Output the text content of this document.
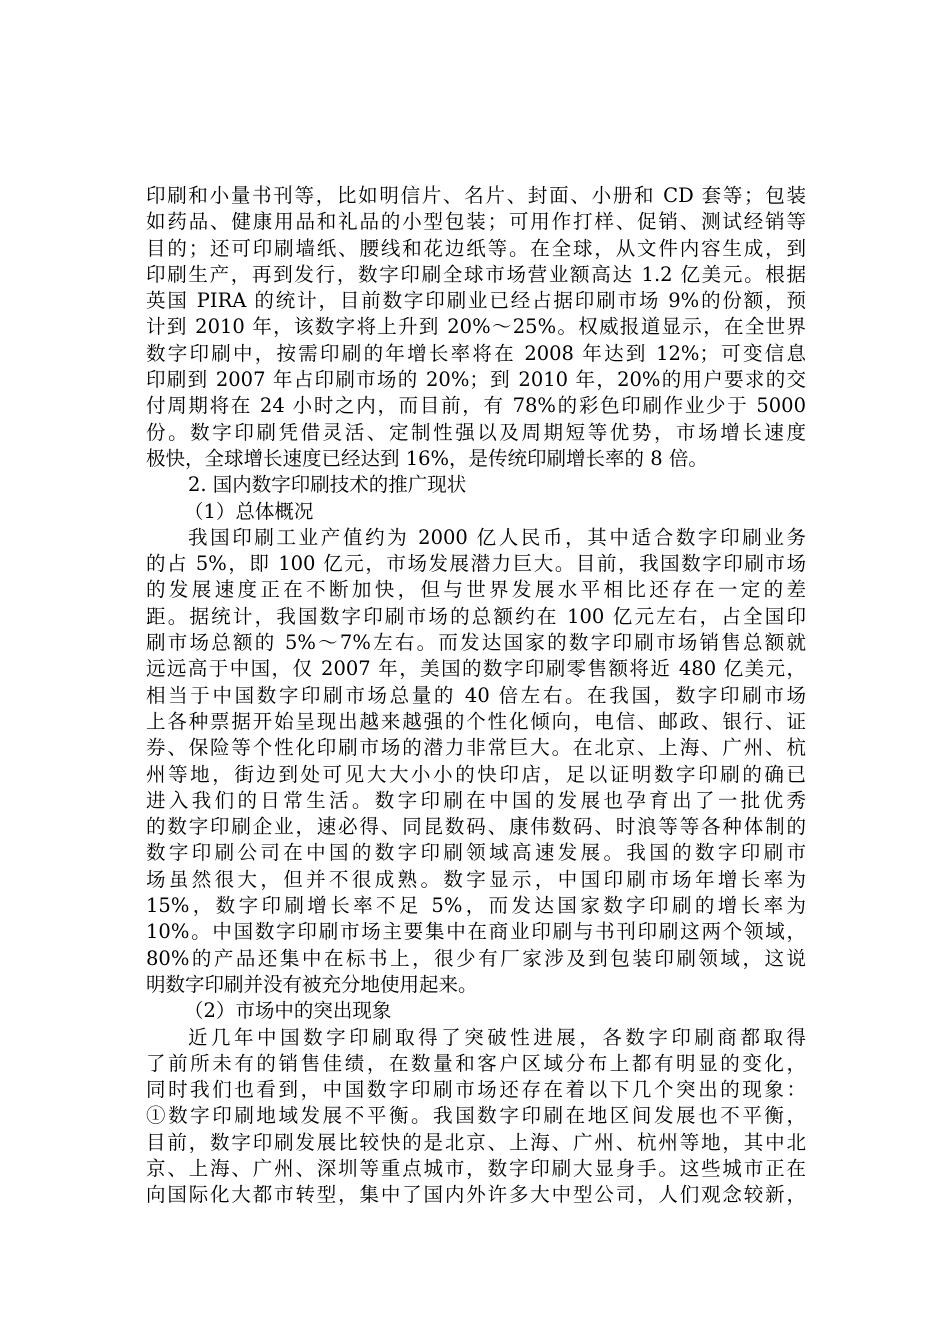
印刷和小量书刊等，比如明信片、名片、封面、小册和 CD 套等；包装
如药品、健康用品和礼品的小型包装；可用作打样、促销、测试经销等
目的；还可印刷墙纸、腰线和花边纸等。在全球，从文件内容生成，到
印刷生产，再到发行，数字印刷全球市场营业额高达 1.2 亿美元。根据
英国 PIRA 的统计，目前数字印刷业已经占据印刷市场 9%的份额，预
计到 2010 年，该数字将上升到 20%～25%。权威报道显示，在全世界
数字印刷中，按需印刷的年增长率将在 2008 年达到 12%；可变信息
印刷到 2007 年占印刷市场的 20%；到 2010 年，20%的用户要求的交
付周期将在 24 小时之内，而目前，有 78%的彩色印刷作业少于 5000
份。数字印刷凭借灵活、定制性强以及周期短等优势，市场增长速度
极快，全球增长速度已经达到 16%，是传统印刷增长率的 8 倍。
2. 国内数字印刷技术的推广现状
（1）总体概况
我国印刷工业产值约为 2000 亿人民币，其中适合数字印刷业务
的占 5%，即 100 亿元，市场发展潜力巨大。目前，我国数字印刷市场
的发展速度正在不断加快，但与世界发展水平相比还存在一定的差
距。据统计，我国数字印刷市场的总额约在 100 亿元左右，占全国印
刷市场总额的 5%～7%左右。而发达国家的数字印刷市场销售总额就
远远高于中国，仅 2007 年，美国的数字印刷零售额将近 480 亿美元，
相当于中国数字印刷市场总量的 40 倍左右。在我国，数字印刷市场
上各种票据开始呈现出越来越强的个性化倾向，电信、邮政、银行、证
券、保险等个性化印刷市场的潜力非常巨大。在北京、上海、广州、杭
州等地，街边到处可见大大小小的快印店，足以证明数字印刷的确已
进入我们的日常生活。数字印刷在中国的发展也孕育出了一批优秀
的数字印刷企业，速必得、同昆数码、康伟数码、时浪等等各种体制的
数字印刷公司在中国的数字印刷领域高速发展。我国的数字印刷市
场虽然很大，但并不很成熟。数字显示，中国印刷市场年增长率为
15%，数字印刷增长率不足 5%，而发达国家数字印刷的增长率为
10%。中国数字印刷市场主要集中在商业印刷与书刊印刷这两个领域，
80%的产品还集中在标书上，很少有厂家涉及到包装印刷领域，这说
明数字印刷并没有被充分地使用起来。
（2）市场中的突出现象
近几年中国数字印刷取得了突破性进展，各数字印刷商都取得
了前所未有的销售佳绩，在数量和客户区域分布上都有明显的变化，
同时我们也看到，中国数字印刷市场还存在着以下几个突出的现象：
①数字印刷地域发展不平衡。我国数字印刷在地区间发展也不平衡，
目前，数字印刷发展比较快的是北京、上海、广州、杭州等地，其中北
京、上海、广州、深圳等重点城市，数字印刷大显身手。这些城市正在
向国际化大都市转型，集中了国内外许多大中型公司，人们观念较新，
